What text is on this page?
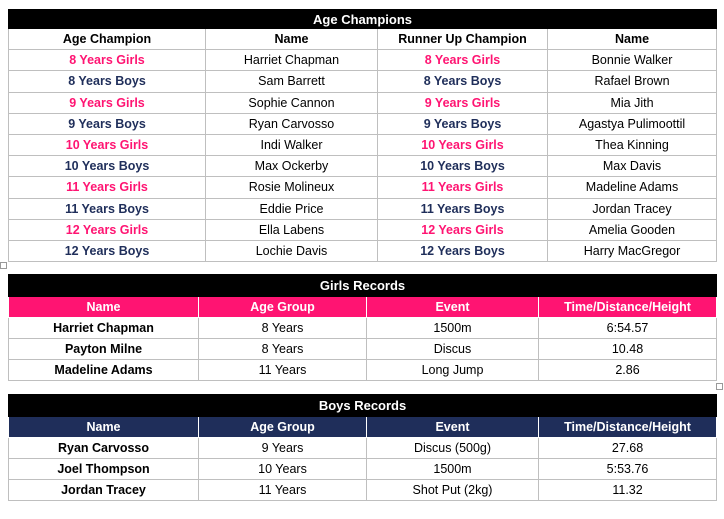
Age Champions			
Age Champion	Name	Runner Up Champion	Name
8 Years Girls	Harriet Chapman	8 Years Girls	Bonnie Walker
8 Years Boys	Sam Barrett	8 Years Boys	Rafael Brown
9 Years Girls	Sophie Cannon	9 Years Girls	Mia Jith
9 Years Boys	Ryan Carvosso	9 Years Boys	Agastya Pulimoottil
10 Years Girls	Indi Walker	10 Years Girls	Thea Kinning
10 Years Boys	Max Ockerby	10 Years Boys	Max Davis
11 Years Girls	Rosie Molineux	11 Years Girls	Madeline Adams
11 Years Boys	Eddie Price	11 Years Boys	Jordan Tracey
12 Years Girls	Ella Labens	12 Years Girls	Amelia Gooden
12 Years Boys	Lochie Davis	12 Years Boys	Harry MacGregor
Girls Records			
Name	Age Group	Event	Time/Distance/Height
Harriet Chapman	8 Years	1500m	6:54.57
Payton Milne	8 Years	Discus	10.48
Madeline Adams	11 Years	Long Jump	2.86
Boys Records			
Name	Age Group	Event	Time/Distance/Height
Ryan Carvosso	9 Years	Discus (500g)	27.68
Joel Thompson	10 Years	1500m	5:53.76
Jordan Tracey	11 Years	Shot Put (2kg)	11.32
